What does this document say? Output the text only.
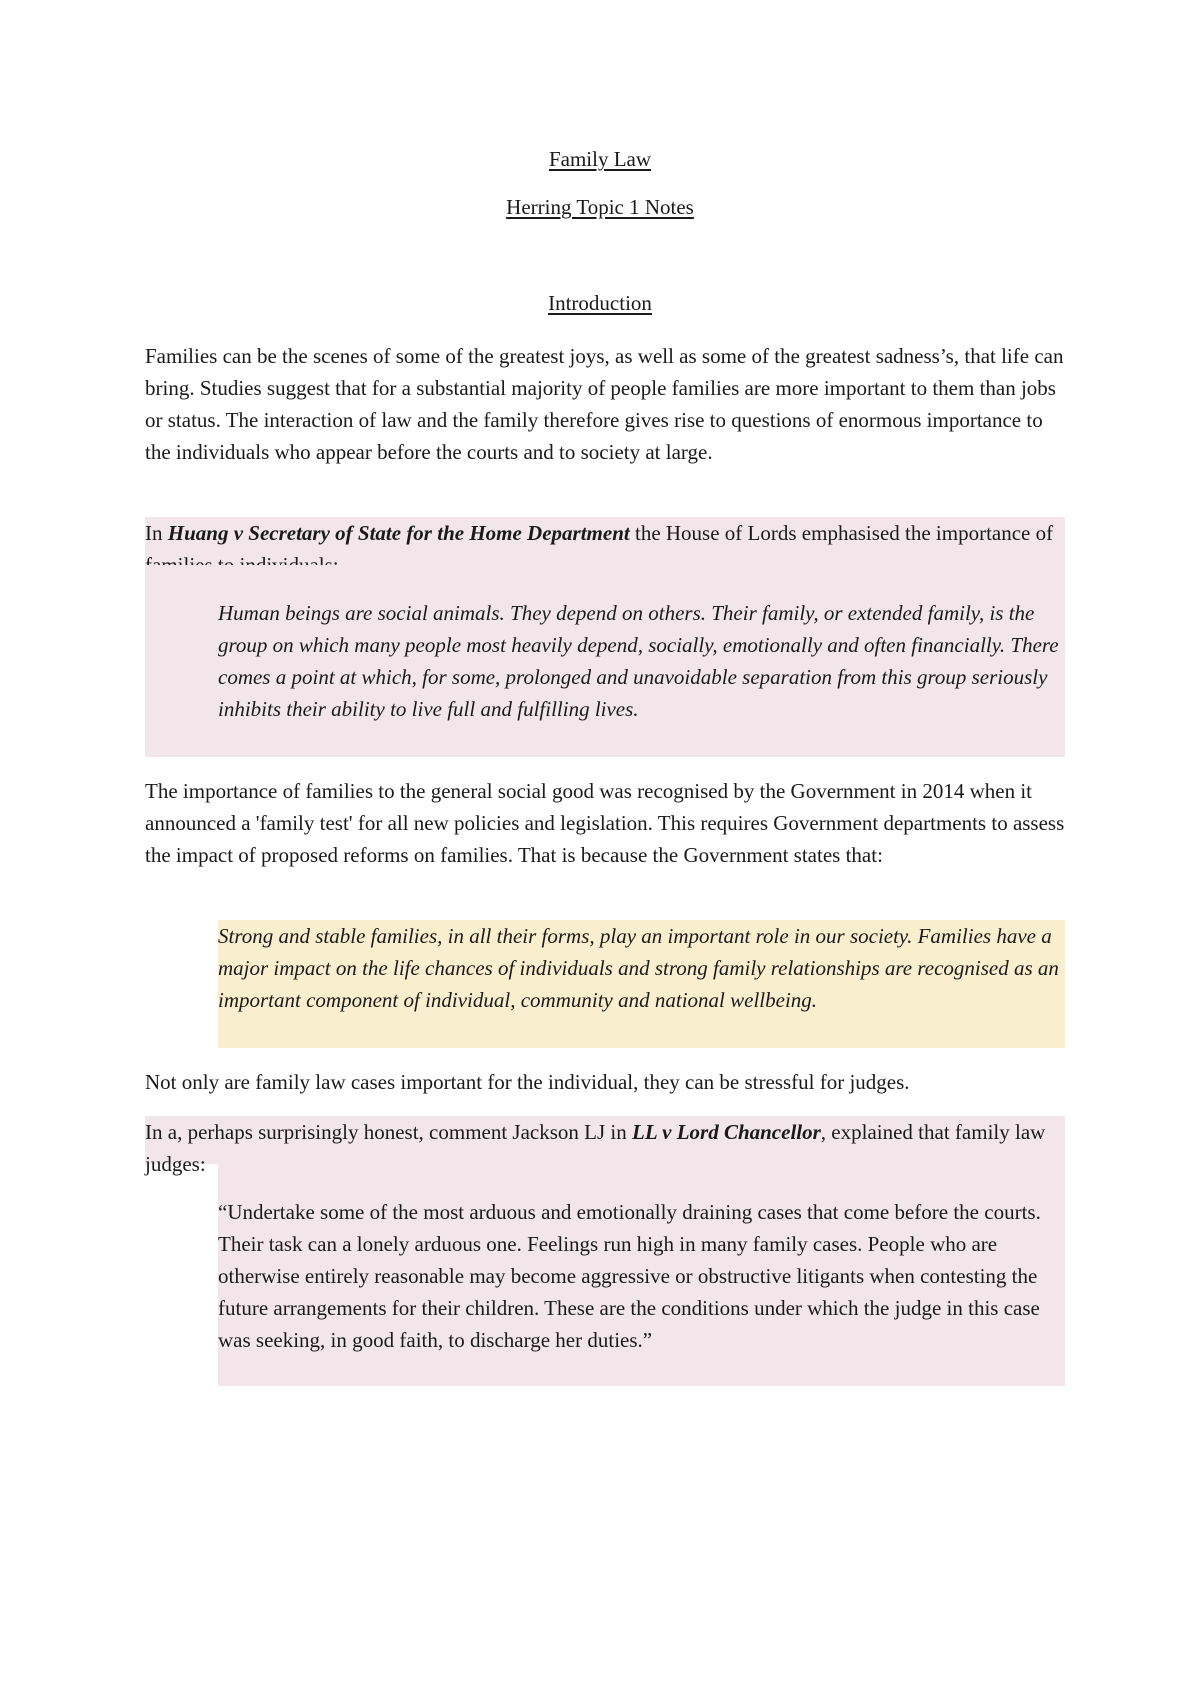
Family Law
Herring Topic 1 Notes
Introduction

Families can be the scenes of some of the greatest joys, as well as some of the greatest sadness’s, that life can bring. Studies suggest that for a substantial majority of people families are more important to them than jobs or status. The interaction of law and the family therefore gives rise to questions of enormous importance to the individuals who appear before the courts and to society at large.

In Huang v Secretary of State for the Home Department the House of Lords emphasised the importance of

Human beings are social animals. They depend on others. Their family, or extended family, is the group on which many people most heavily depend, socially, emotionally and often financially. There comes a point at which, for some, prolonged and unavoidable separation from this group seriously inhibits their ability to live full and fulfilling lives.

The importance of families to the general social good was recognised by the Government in 2014 when it announced a 'family test' for all new policies and legislation. This requires Government departments to assess the impact of proposed reforms on families. That is because the Government states that:

Strong and stable families, in all their forms, play an important role in our society. Families have a major impact on the life chances of individuals and strong family relationships are recognised as an important component of individual, community and national wellbeing.

Not only are family law cases important for the individual, they can be stressful for judges.

In a, perhaps surprisingly honest, comment Jackson LJ in LL v Lord Chancellor, explained that family law judges:

“Undertake some of the most arduous and emotionally draining cases that come before the courts. Their task can a lonely arduous one. Feelings run high in many family cases. People who are otherwise entirely reasonable may become aggressive or obstructive litigants when contesting the future arrangements for their children. These are the conditions under which the judge in this case was seeking, in good faith, to discharge her duties.”
